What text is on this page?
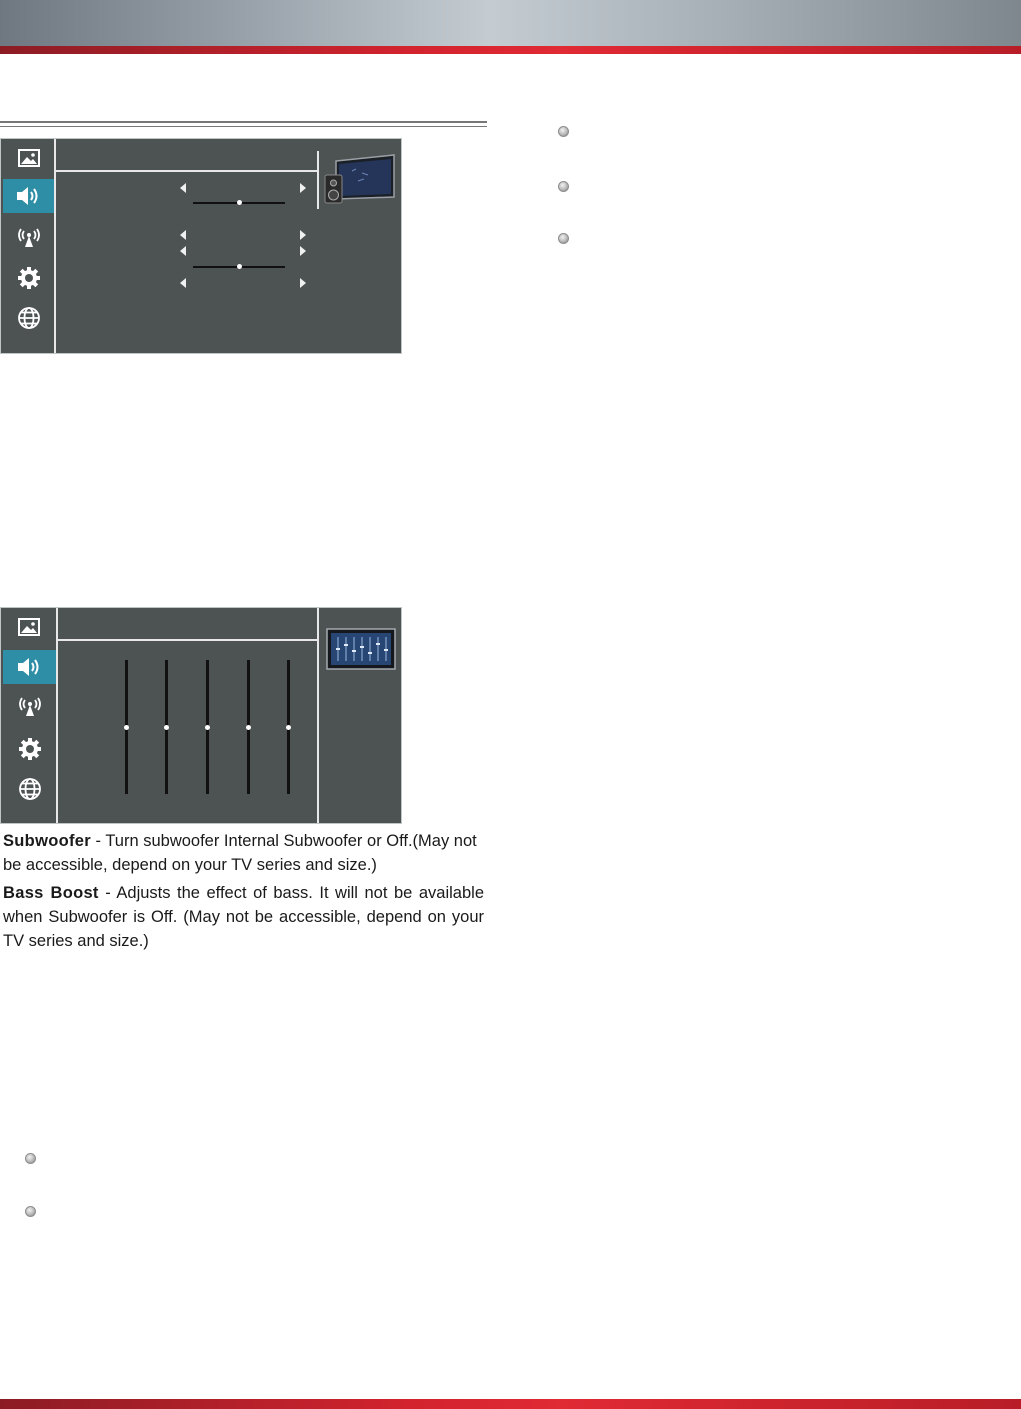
Subwoofer - Turn subwoofer Internal Subwoofer or Off.(May not be accessible, depend on your TV series and size.)
Bass Boost - Adjusts the effect of bass. It will not be available when Subwoofer is Off. (May not be accessible, depend on your TV series and size.)
